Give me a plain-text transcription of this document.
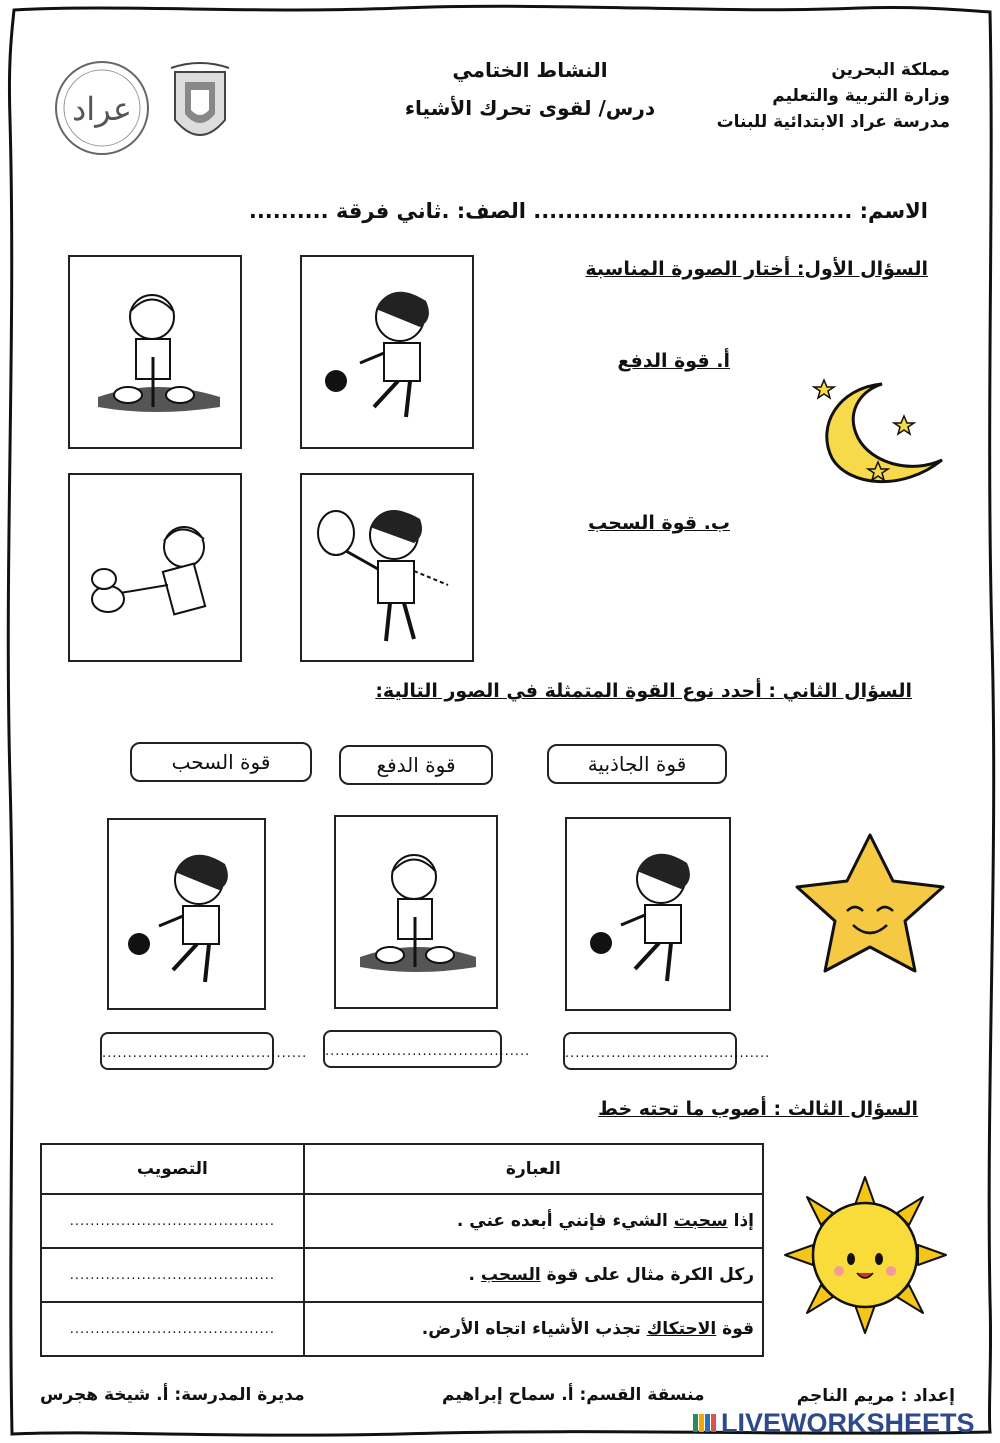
مملكة البحرين
وزارة التربية والتعليم
مدرسة عراد الابتدائية للبنات
النشاط الختامي
درس/ لقوى تحرك الأشياء
عراد
الاسم: ........................................ الصف: .ثاني فرقة ..........
السؤال الأول: أختار الصورة المناسبة
أ. قوة الدفع
ب. قوة السحب
السؤال الثاني : أحدد نوع القوة المتمثلة في الصور التالية:
قوة الجاذبية
قوة الدفع
قوة السحب
........................................ ........................................	........................................
السؤال الثالث : أصوب ما تحته خط
العبارة	التصويب
إذا سحبت الشيء فإنني أبعده عني .	........................................
ركل الكرة مثال على قوة السحب .	........................................
قوة الاحتكاك تجذب الأشياء اتجاه الأرض.	........................................
إعداد : مريم الناجم
منسقة القسم: أ. سماح إبراهيم
مديرة المدرسة: أ. شيخة هجرس
LIVEWORKSHEETS
